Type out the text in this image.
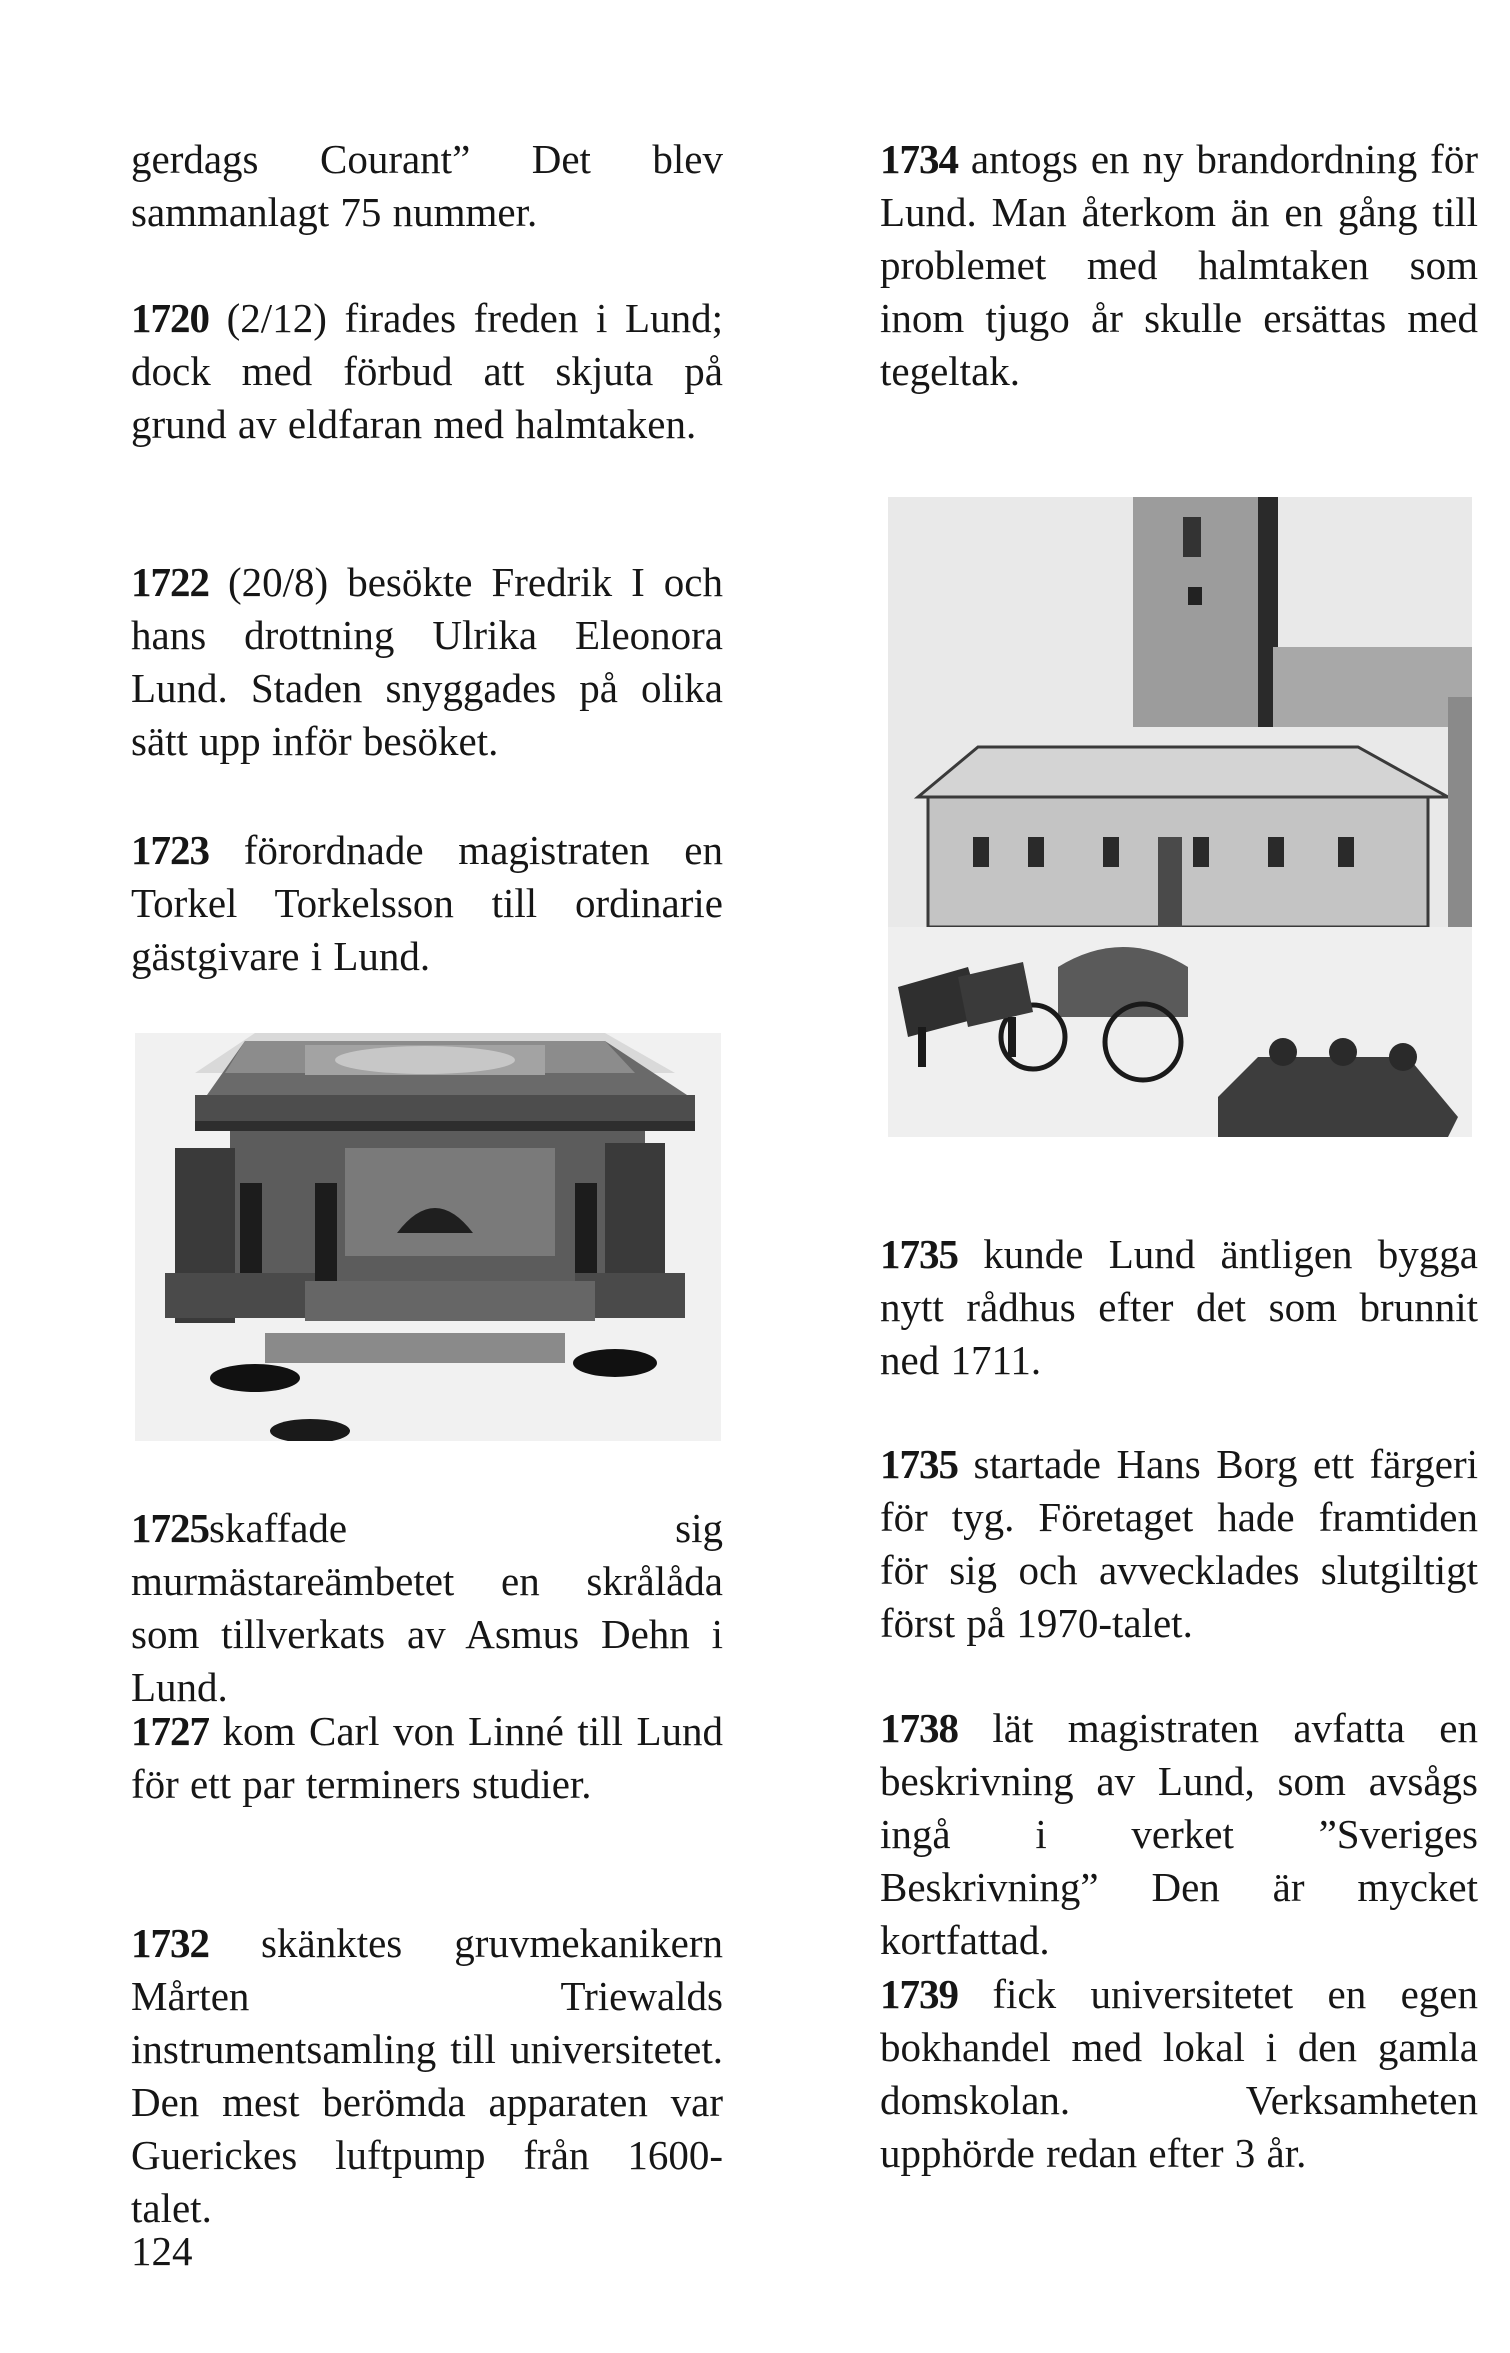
gerdags Courant” Det blev sammanlagt 75 nummer.

1720 (2/12) firades freden i Lund; dock med förbud att skjuta på grund av eldfaran med halmtaken.

1722 (20/8) besökte Fredrik I och hans drottning Ulrika Eleonora Lund. Staden snyggades på olika sätt upp inför besöket.

1723 förordnade magistraten en Torkel Torkelsson till ordinarie gästgivare i Lund.

1725skaffade sig murmästareämbetet en skrålåda som tillverkats av Asmus Dehn i Lund.

1727 kom Carl von Linné till Lund för ett par terminers studier.

1732 skänktes gruvmekanikern Mårten Triewalds instrumentsamling till universitetet. Den mest berömda apparaten var Guerickes luftpump från 1600-talet.

1734 antogs en ny brandordning för Lund. Man återkom än en gång till problemet med halmtaken som inom tjugo år skulle ersättas med tegeltak.

1735 kunde Lund äntligen bygga nytt rådhus efter det som brunnit ned 1711.

1735 startade Hans Borg ett färgeri för tyg. Företaget hade framtiden för sig och avvecklades slutgiltigt först på 1970-talet.

1738 lät magistraten avfatta en beskrivning av Lund, som avsågs ingå i verket ”Sveriges Beskrivning” Den är mycket kortfattad.

1739 fick universitetet en egen bokhandel med lokal i den gamla domskolan. Verksamheten upphörde redan efter 3 år.

124
